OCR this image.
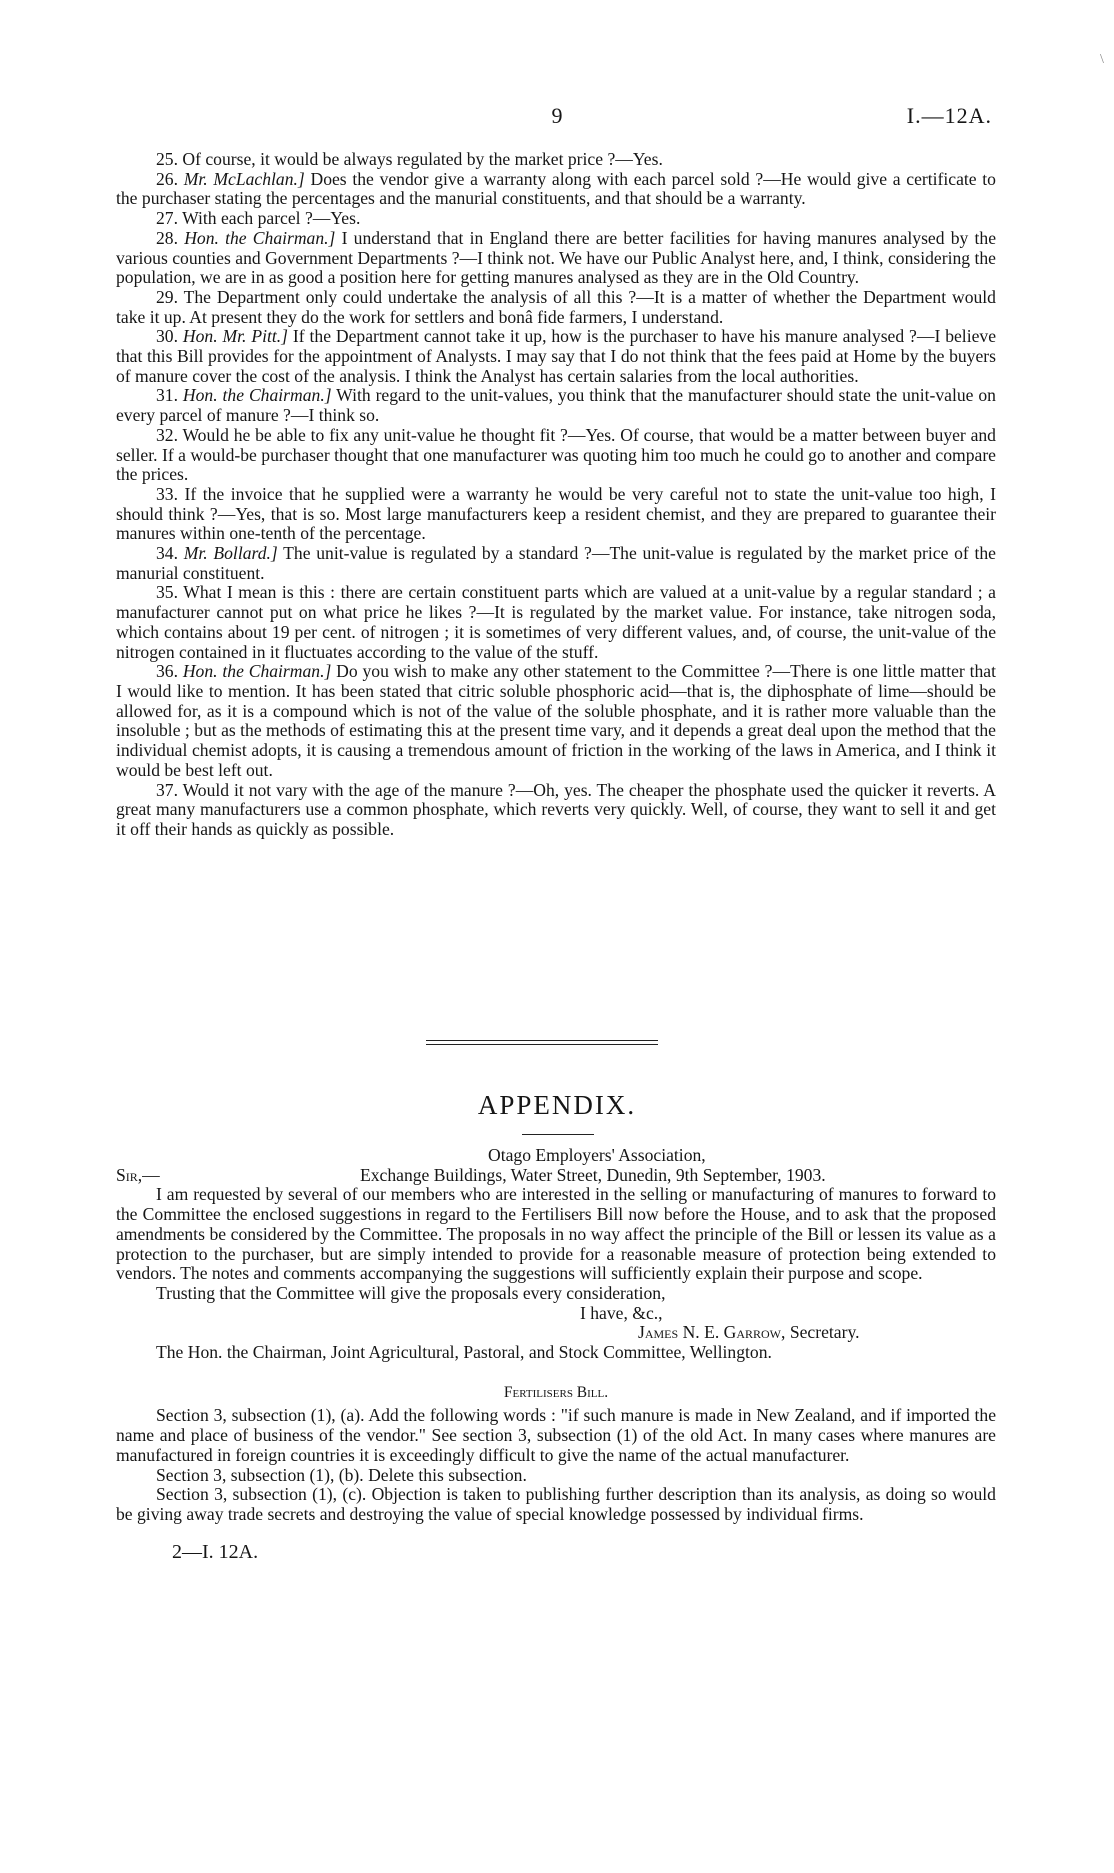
9	I.—12A.

25. Of course, it would be always regulated by the market price ?—Yes.

26. Mr. McLachlan.] Does the vendor give a warranty along with each parcel sold ?—He would give a certificate to the purchaser stating the percentages and the manurial constituents, and that should be a warranty.

27. With each parcel ?—Yes.

28. Hon. the Chairman.] I understand that in England there are better facilities for having manures analysed by the various counties and Government Departments ?—I think not. We have our Public Analyst here, and, I think, considering the population, we are in as good a position here for getting manures analysed as they are in the Old Country.

29. The Department only could undertake the analysis of all this ?—It is a matter of whether the Department would take it up. At present they do the work for settlers and bonâ fide farmers, I understand.

30. Hon. Mr. Pitt.] If the Department cannot take it up, how is the purchaser to have his manure analysed ?—I believe that this Bill provides for the appointment of Analysts. I may say that I do not think that the fees paid at Home by the buyers of manure cover the cost of the analysis. I think the Analyst has certain salaries from the local authorities.

31. Hon. the Chairman.] With regard to the unit-values, you think that the manufacturer should state the unit-value on every parcel of manure ?—I think so.

32. Would he be able to fix any unit-value he thought fit ?—Yes. Of course, that would be a matter between buyer and seller. If a would-be purchaser thought that one manufacturer was quoting him too much he could go to another and compare the prices.

33. If the invoice that he supplied were a warranty he would be very careful not to state the unit-value too high, I should think ?—Yes, that is so. Most large manufacturers keep a resident chemist, and they are prepared to guarantee their manures within one-tenth of the percentage.

34. Mr. Bollard.] The unit-value is regulated by a standard ?—The unit-value is regulated by the market price of the manurial constituent.

35. What I mean is this : there are certain constituent parts which are valued at a unit-value by a regular standard ; a manufacturer cannot put on what price he likes ?—It is regulated by the market value. For instance, take nitrogen soda, which contains about 19 per cent. of nitrogen ; it is sometimes of very different values, and, of course, the unit-value of the nitrogen contained in it fluctuates according to the value of the stuff.

36. Hon. the Chairman.] Do you wish to make any other statement to the Committee ?—There is one little matter that I would like to mention. It has been stated that citric soluble phosphoric acid—that is, the diphosphate of lime—should be allowed for, as it is a compound which is not of the value of the soluble phosphate, and it is rather more valuable than the insoluble ; but as the methods of estimating this at the present time vary, and it depends a great deal upon the method that the individual chemist adopts, it is causing a tremendous amount of friction in the working of the laws in America, and I think it would be best left out.

37. Would it not vary with the age of the manure ?—Oh, yes. The cheaper the phosphate used the quicker it reverts. A great many manufacturers use a common phosphate, which reverts very quickly. Well, of course, they want to sell it and get it off their hands as quickly as possible.

APPENDIX.

Otago Employers' Association,

Sir,—	Exchange Buildings, Water Street, Dunedin, 9th September, 1903.

I am requested by several of our members who are interested in the selling or manufacturing of manures to forward to the Committee the enclosed suggestions in regard to the Fertilisers Bill now before the House, and to ask that the proposed amendments be considered by the Committee. The proposals in no way affect the principle of the Bill or lessen its value as a protection to the purchaser, but are simply intended to provide for a reasonable measure of protection being extended to vendors. The notes and comments accompanying the suggestions will sufficiently explain their purpose and scope.

Trusting that the Committee will give the proposals every consideration,

I have, &c.,

James N. E. Garrow, Secretary.

The Hon. the Chairman, Joint Agricultural, Pastoral, and Stock Committee, Wellington.

Fertilisers Bill.

Section 3, subsection (1), (a). Add the following words : "if such manure is made in New Zealand, and if imported the name and place of business of the vendor." See section 3, subsection (1) of the old Act. In many cases where manures are manufactured in foreign countries it is exceedingly difficult to give the name of the actual manufacturer.

Section 3, subsection (1), (b). Delete this subsection.

Section 3, subsection (1), (c). Objection is taken to publishing further description than its analysis, as doing so would be giving away trade secrets and destroying the value of special knowledge possessed by individual firms.

2—I. 12A.

\
